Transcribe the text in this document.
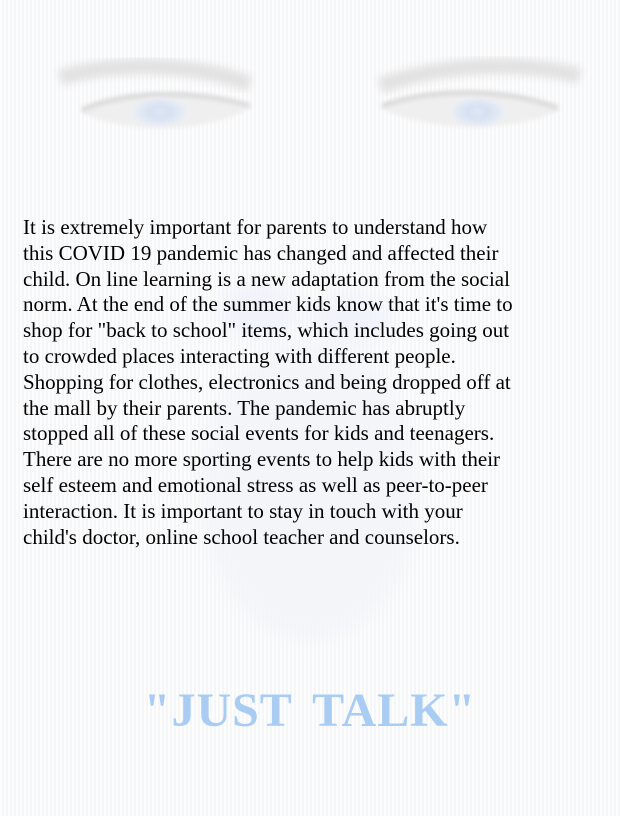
It is extremely important for parents to understand how
this COVID 19 pandemic has changed and affected their
child. On line learning is a new adaptation from the social
norm. At the end of the summer kids know that it's time to
shop for "back to school" items, which includes going out
to crowded places interacting with different people.
Shopping for clothes, electronics and being dropped off at
the mall by their parents. The pandemic has abruptly
stopped all of these social events for kids and teenagers.
There are no more sporting events to help kids with their
self esteem and emotional stress as well as peer-to-peer
interaction. It is important to stay in touch with your
child's doctor, online school teacher and counselors.

"JUST TALK"
